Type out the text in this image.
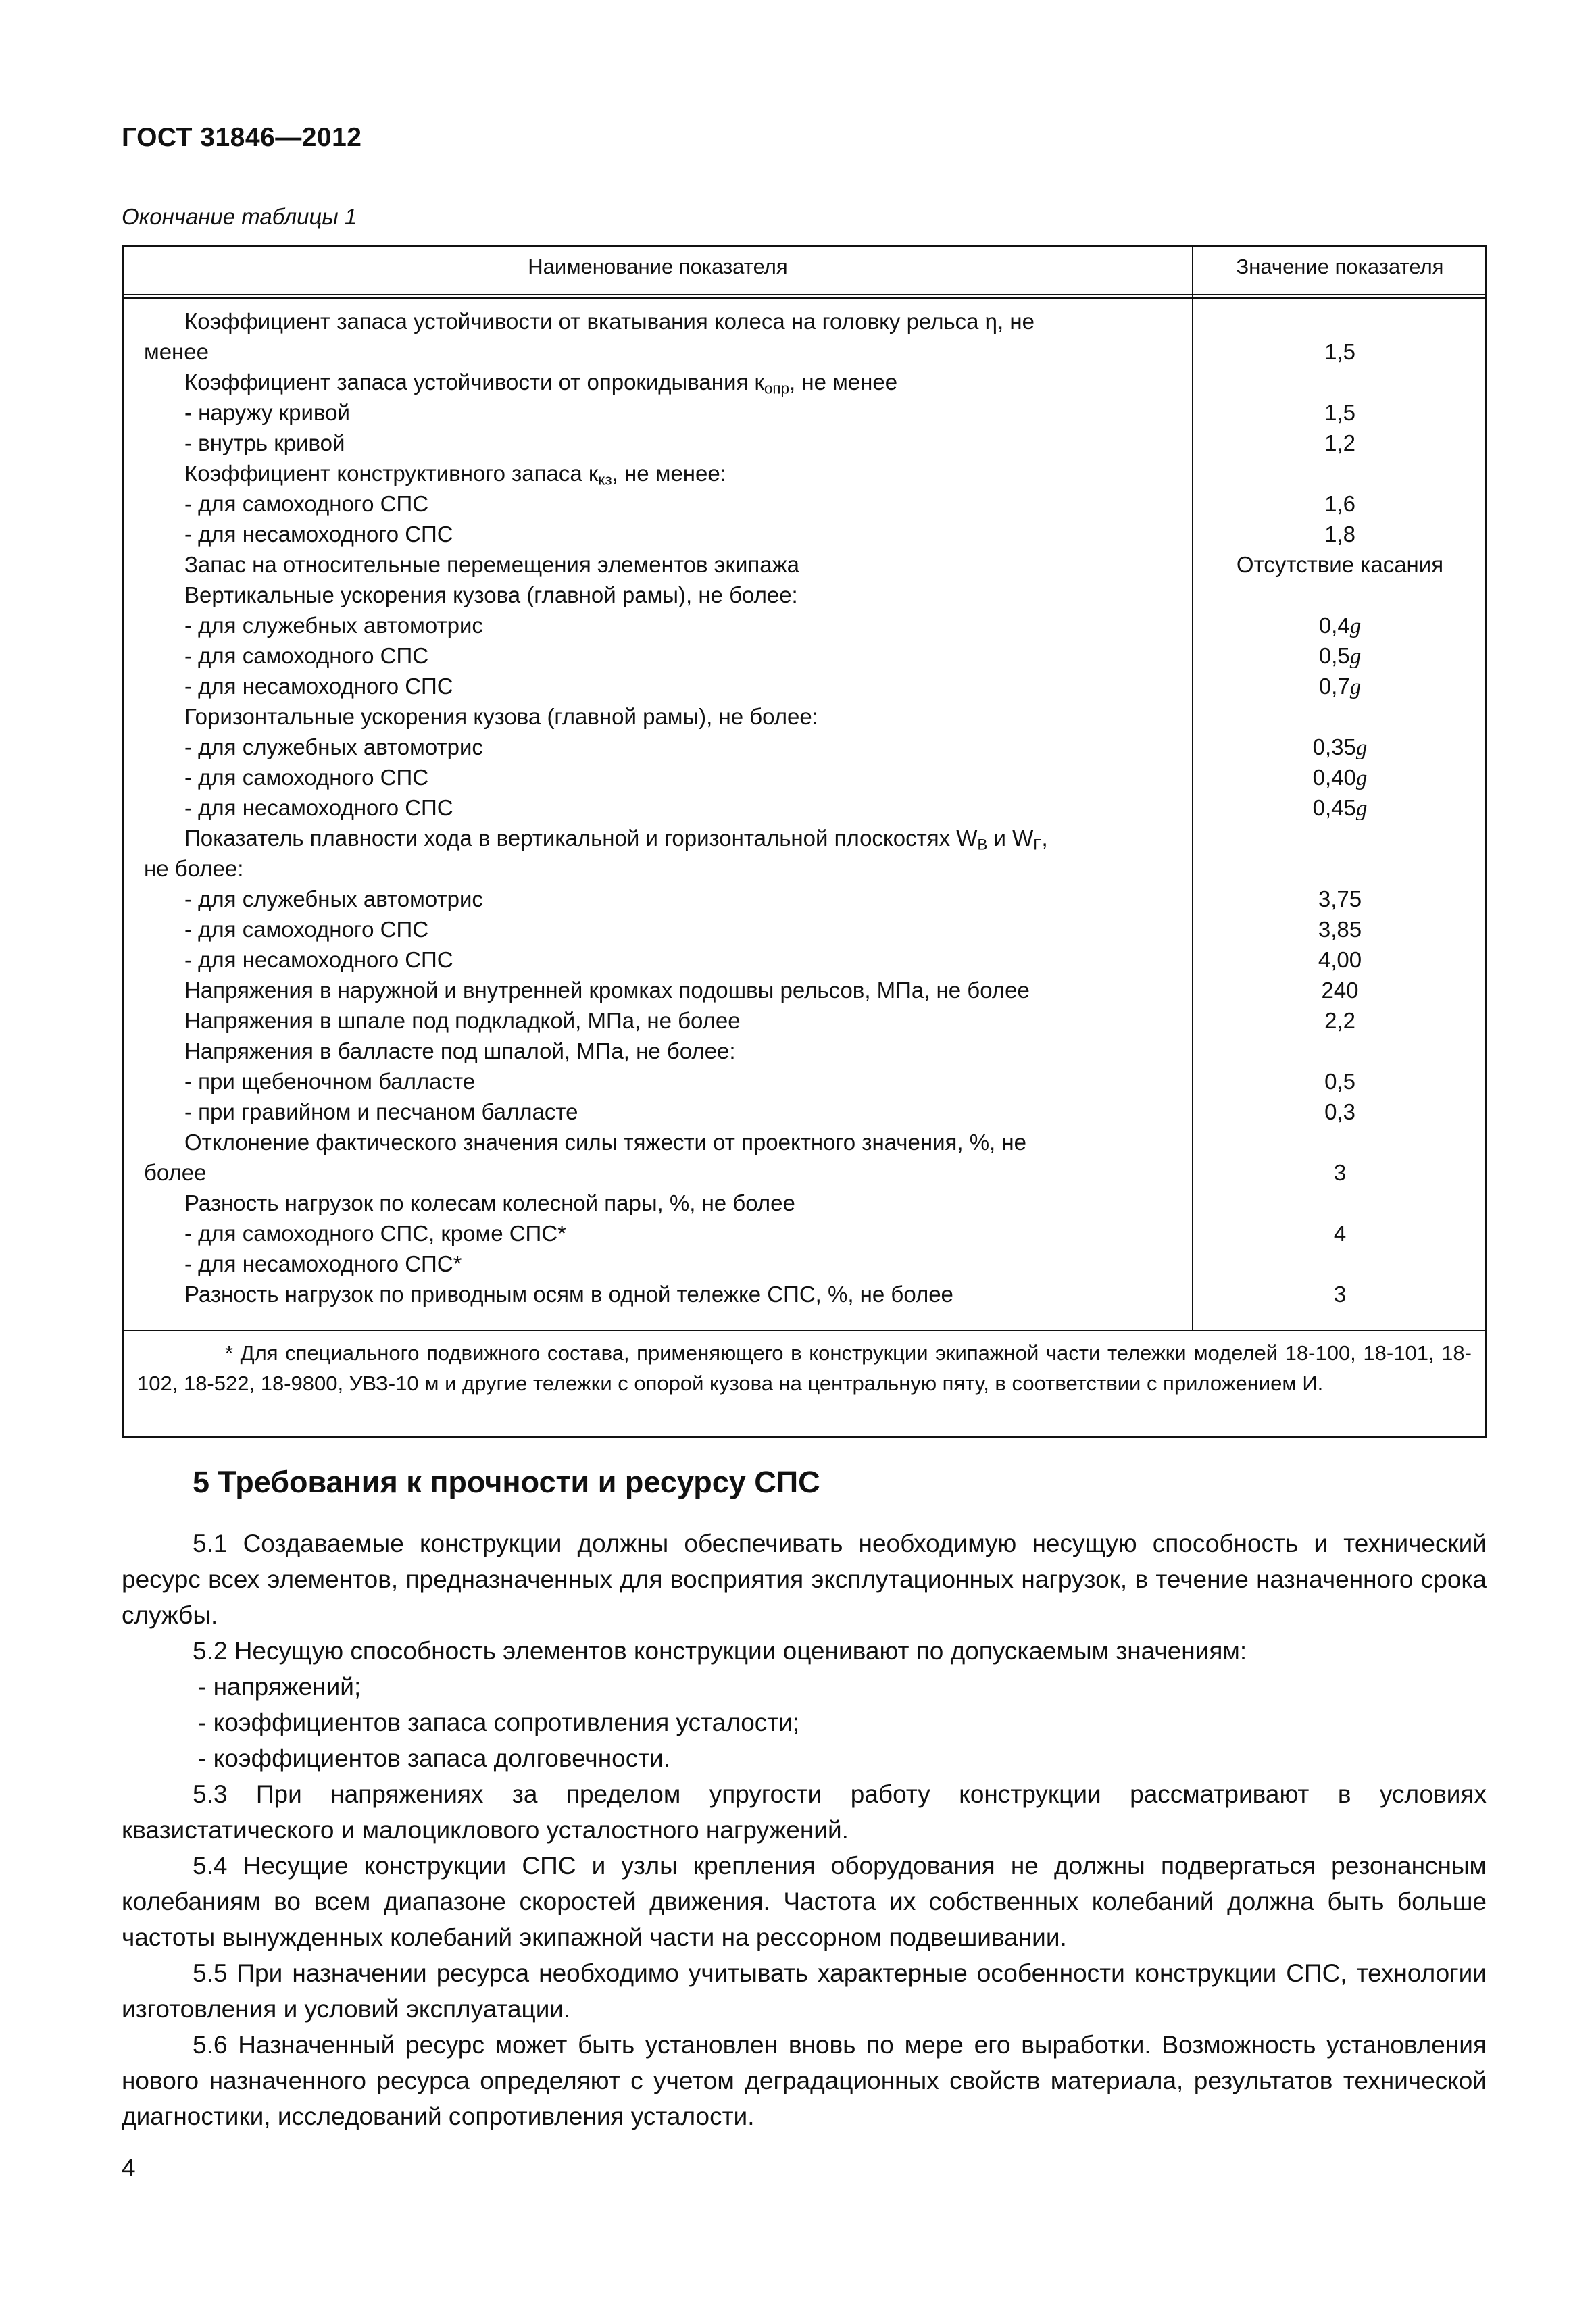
ГОСТ 31846—2012
Окончание таблицы 1
Наименование показателя	Значение показателя
Коэффициент запаса устойчивости от вкатывания колеса на головку рельса η, не
менее	1,5
Коэффициент запаса устойчивости от опрокидывания $к_{опр}$, не менее
- наружу кривой	1,5
- внутрь кривой	1,2
Коэффициент конструктивного запаса $к_{кз}$, не менее:
- для самоходного СПС	1,6
- для несамоходного СПС	1,8
Запас на относительные перемещения элементов экипажа	Отсутствие касания
Вертикальные ускорения кузова (главной рамы), не более:
- для служебных автомотрис	0,4g
- для самоходного СПС	0,5g
- для несамоходного СПС	0,7g
Горизонтальные ускорения кузова (главной рамы), не более:
- для служебных автомотрис	0,35g
- для самоходного СПС	0,40g
- для несамоходного СПС	0,45g
Показатель плавности хода в вертикальной и горизонтальной плоскостях $W_В$ и $W_Г$,
не более:
- для служебных автомотрис	3,75
- для самоходного СПС	3,85
- для несамоходного СПС	4,00
Напряжения в наружной и внутренней кромках подошвы рельсов, МПа, не более	240
Напряжения в шпале под подкладкой, МПа, не более	2,2
Напряжения в балласте под шпалой, МПа, не более:
- при щебеночном балласте	0,5
- при гравийном и песчаном балласте	0,3
Отклонение фактического значения силы тяжести от проектного значения, %, не
более	3
Разность нагрузок по колесам колесной пары, %, не более
- для самоходного СПС, кроме СПС*	4
- для несамоходного СПС*
Разность нагрузок по приводным осям в одной тележке СПС, %, не более	3
* Для специального подвижного состава, применяющего в конструкции экипажной части тележки моделей 18-100, 18-101, 18-102, 18-522, 18-9800, УВЗ-10 м и другие тележки с опорой кузова на центральную пяту, в соответствии с приложением И.
5 Требования к прочности и ресурсу СПС

5.1 Создаваемые конструкции должны обеспечивать необходимую несущую способность и технический ресурс всех элементов, предназначенных для восприятия эксплутационных нагрузок, в течение назначенного срока службы.

5.2 Несущую способность элементов конструкции оценивают по допускаемым значениям:

- напряжений;

- коэффициентов запаса сопротивления усталости;

- коэффициентов запаса долговечности.

5.3 При напряжениях за пределом упругости работу конструкции рассматривают в условиях квазистатического и малоциклового усталостного нагружений.

5.4 Несущие конструкции СПС и узлы крепления оборудования не должны подвергаться резонансным колебаниям во всем диапазоне скоростей движения. Частота их собственных колебаний должна быть больше частоты вынужденных колебаний экипажной части на рессорном подвешивании.

5.5 При назначении ресурса необходимо учитывать характерные особенности конструкции СПС, технологии изготовления и условий эксплуатации.

5.6 Назначенный ресурс может быть установлен вновь по мере его выработки. Возможность установления нового назначенного ресурса определяют с учетом деградационных свойств материала, результатов технической диагностики, исследований сопротивления усталости.

4
